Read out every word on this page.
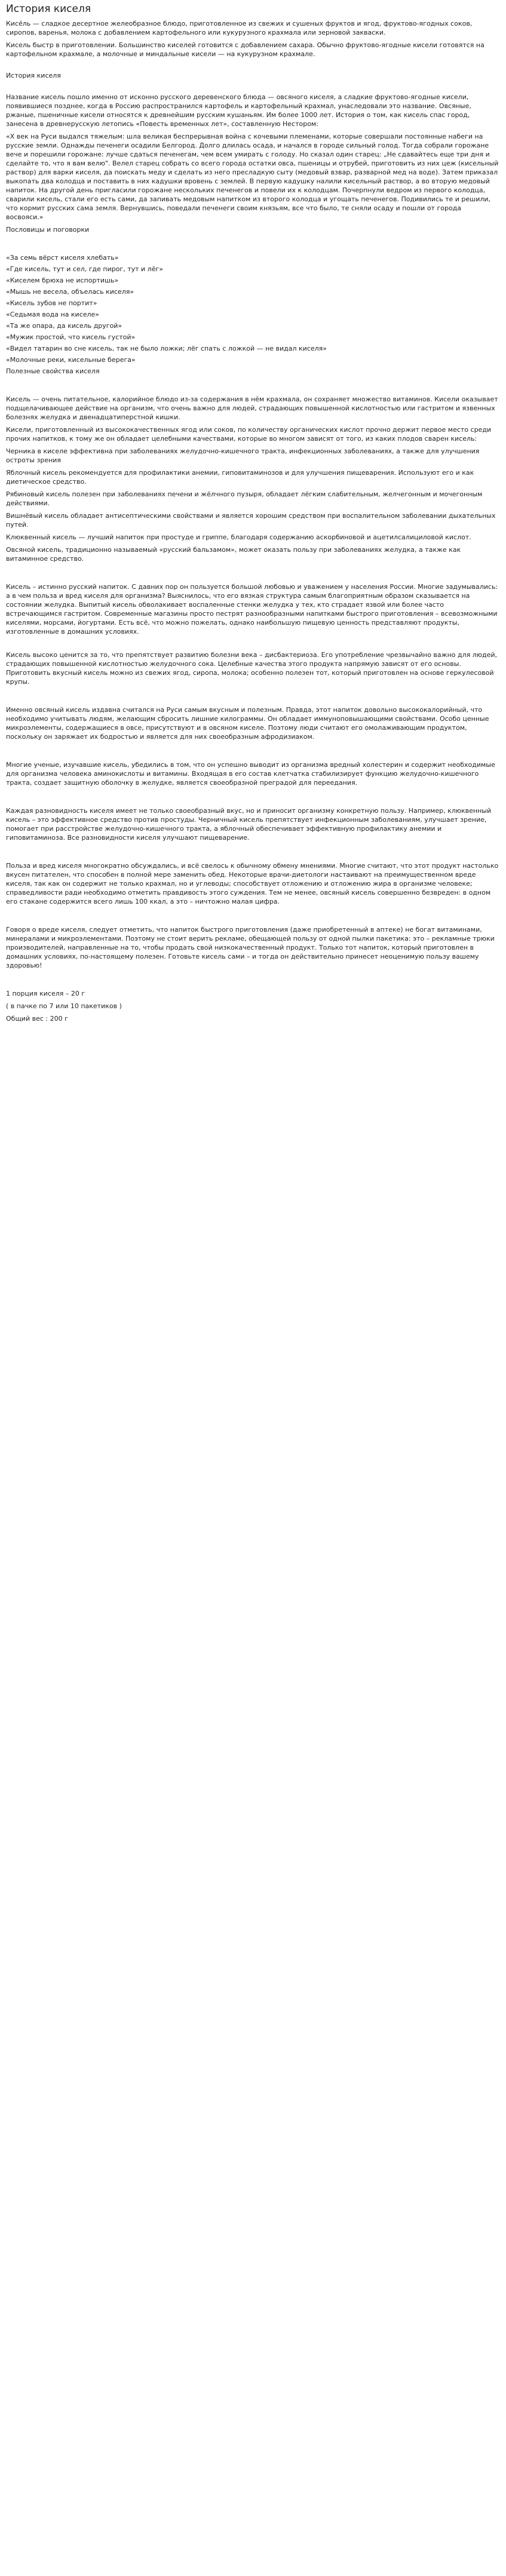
История киселя

Кисе́ль — сладкое десертное желеобразное блюдо, приготовленное из свежих и сушеных фруктов и ягод, фруктово-ягодных соков, сиропов, варенья, молока с добавлением картофельного или кукурузного крахмала или зерновой закваски.

Кисель быстр в приготовлении. Большинство киселей готовится с добавлением сахара. Обычно фруктово-ягодные кисели готовятся на картофельном крахмале, а молочные и миндальные кисели — на кукурузном крахмале.

История киселя

Название кисель пошло именно от исконно русского деревенского блюда — овсяного киселя, а сладкие фруктово-ягодные кисели, появившиеся позднее, когда в Россию распространился картофель и картофельный крахмал, унаследовали это название. Овсяные, ржаные, пшеничные кисели относятся к древнейшим русским кушаньям. Им более 1000 лет. История о том, как кисель спас город, занесена в древнерусскую летопись «Повесть временных лет», составленную Нестором:

«Х век на Руси выдался тяжелым: шла великая беспрерывная война с кочевыми племенами, которые совершали постоянные набеги на русские земли. Однажды печенеги осадили Белгород. Долго длилась осада, и начался в городе сильный голод. Тогда собрали горожане вече и порешили горожане: лучше сдаться печенегам, чем всем умирать с голоду. Но сказал один старец: „Не сдавайтесь еще три дня и сделайте то, что я вам велю". Велел старец собрать со всего города остатки овса, пшеницы и отрубей, приготовить из них цеж (кисельный раствор) для варки киселя, да поискать меду и сделать из него пресладкую сыту (медовый взвар, разварной мед на воде). Затем приказал выкопать два колодца и поставить в них кадушки вровень с землей. В первую кадушку налили кисельный раствор, а во вторую медовый напиток. На другой день пригласили горожане нескольких печенегов и повели их к колодцам. Почерпнули ведром из первого колодца, сварили кисель, стали его есть сами, да запивать медовым напитком из второго колодца и угощать печенегов. Подивились те и решили, что кормит русских сама земля. Вернувшись, поведали печенеги своим князьям, все что было, те сняли осаду и пошли от города восвояси.»

Пословицы и поговорки

«За семь вёрст киселя хлебать»

«Где кисель, тут и сел, где пирог, тут и лёг»

«Киселем брюха не испортишь»

«Мышь не весела, объелась киселя»

«Кисель зубов не портит»

«Седьмая вода на киселе»

«Та же опара, да кисель другой»

«Мужик простой, что кисель густой»

«Видел татарин во сне кисель, так не было ложки; лёг спать с ложкой — не видал киселя»

«Молочные реки, кисельные берега»

Полезные свойства киселя

Кисель — очень питательное, калорийное блюдо из-за содержания в нём крахмала, он сохраняет множество витаминов. Кисели оказывает подщелачивающее действие на организм, что очень важно для людей, страдающих повышенной кислотностью или гастритом и язвенных болезнях желудка и двенадцатиперстной кишки.

Кисели, приготовленный из высококачественных ягод или соков, по количеству органических кислот прочно держит первое место среди прочих напитков, к тому же он обладает целебными качествами, которые во многом зависят от того, из каких плодов сварен кисель:

Черника в киселе эффективна при заболеваниях желудочно-кишечного тракта, инфекционных заболеваниях, а также для улучшения остроты зрения

Яблочный кисель рекомендуется для профилактики анемии, гиповитаминозов и для улучшения пищеварения. Используют его и как диетическое средство.

Рябиновый кисель полезен при заболеваниях печени и жёлчного пузыря, обладает лёгким слабительным, желчегонным и мочегонным действиями.

Вишнёвый кисель обладает антисептическими свойствами и является хорошим средством при воспалительном заболевании дыхательных путей.

Клюквенный кисель — лучший напиток при простуде и гриппе, благодаря содержанию аскорбиновой и ацетилсалициловой кислот.

Овсяной кисель, традиционно называемый «русский бальзамом», может оказать пользу при заболеваниях желудка, а также как витаминное средство.

Кисель – истинно русский напиток. С давних пор он пользуется большой любовью и уважением у населения России. Многие задумывались: а в чем польза и вред киселя для организма? Выяснилось, что его вязкая структура самым благоприятным образом сказывается на состоянии желудка. Выпитый кисель обволакивает воспаленные стенки желудка у тех, кто страдает язвой или более часто встречающимся гастритом. Современные магазины просто пестрят разнообразными напитками быстрого приготовления – всевозможными киселями, морсами, йогуртами. Есть всё, что можно пожелать, однако наибольшую пищевую ценность представляют продукты, изготовленные в домашних условиях.

Кисель высоко ценится за то, что препятствует развитию болезни века – дисбактериоза. Его употребление чрезвычайно важно для людей, страдающих повышенной кислотностью желудочного сока. Целебные качества этого продукта напрямую зависят от его основы. Приготовить вкусный кисель можно из свежих ягод, сиропа, молока; особенно полезен тот, который приготовлен на основе геркулесовой крупы.

Именно овсяный кисель издавна считался на Руси самым вкусным и полезным. Правда, этот напиток довольно высококалорийный, что необходимо учитывать людям, желающим сбросить лишние килограммы. Он обладает иммуноповышающими свойствами. Особо ценные микроэлементы, содержащиеся в овсе, присутствуют и в овсяном киселе. Поэтому люди считают его омолаживающим продуктом, поскольку он заряжает их бодростью и является для них своеобразным афродизиаком.

Многие ученые, изучавшие кисель, убедились в том, что он успешно выводит из организма вредный холестерин и содержит необходимые для организма человека аминокислоты и витамины. Входящая в его состав клетчатка стабилизирует функцию желудочно-кишечного тракта, создает защитную оболочку в желудке, является своеобразной преградой для переедания.

Каждая разновидность киселя имеет не только своеобразный вкус, но и приносит организму конкретную пользу. Например, клюквенный кисель – это эффективное средство против простуды. Черничный кисель препятствует инфекционным заболеваниям, улучшает зрение, помогает при расстройстве желудочно-кишечного тракта, а яблочный обеспечивает эффективную профилактику анемии и гиповитаминоза. Все разновидности киселя улучшают пищеварение.

Польза и вред киселя многократно обсуждались, и всё свелось к обычному обмену мнениями. Многие считают, что этот продукт настолько вкусен питателен, что способен в полной мере заменить обед. Некоторые врачи-диетологи настаивают на преимущественном вреде киселя, так как он содержит не только крахмал, но и углеводы; способствует отложению и отложению жира в организме человеке; справедливости ради необходимо отметить правдивость этого суждения. Тем не менее, овсяный кисель совершенно безвреден: в одном его стакане содержится всего лишь 100 ккал, а это – ничтожно малая цифра.

Говоря о вреде киселя, следует отметить, что напиток быстрого приготовления (даже приобретенный в аптеке) не богат витаминами, минералами и микроэлементами. Поэтому не стоит верить рекламе, обещающей пользу от одной пылки пакетика: это – рекламные трюки производителей, направленные на то, чтобы продать свой низкокачественный продукт. Только тот напиток, который приготовлен в домашних условиях, по-настоящему полезен. Готовьте кисель сами – и тогда он действительно принесет неоценимую пользу вашему здоровью!

1 порция киселя – 20 г

( в пачке по 7 или 10 пакетиков )

Общий вес : 200 г
